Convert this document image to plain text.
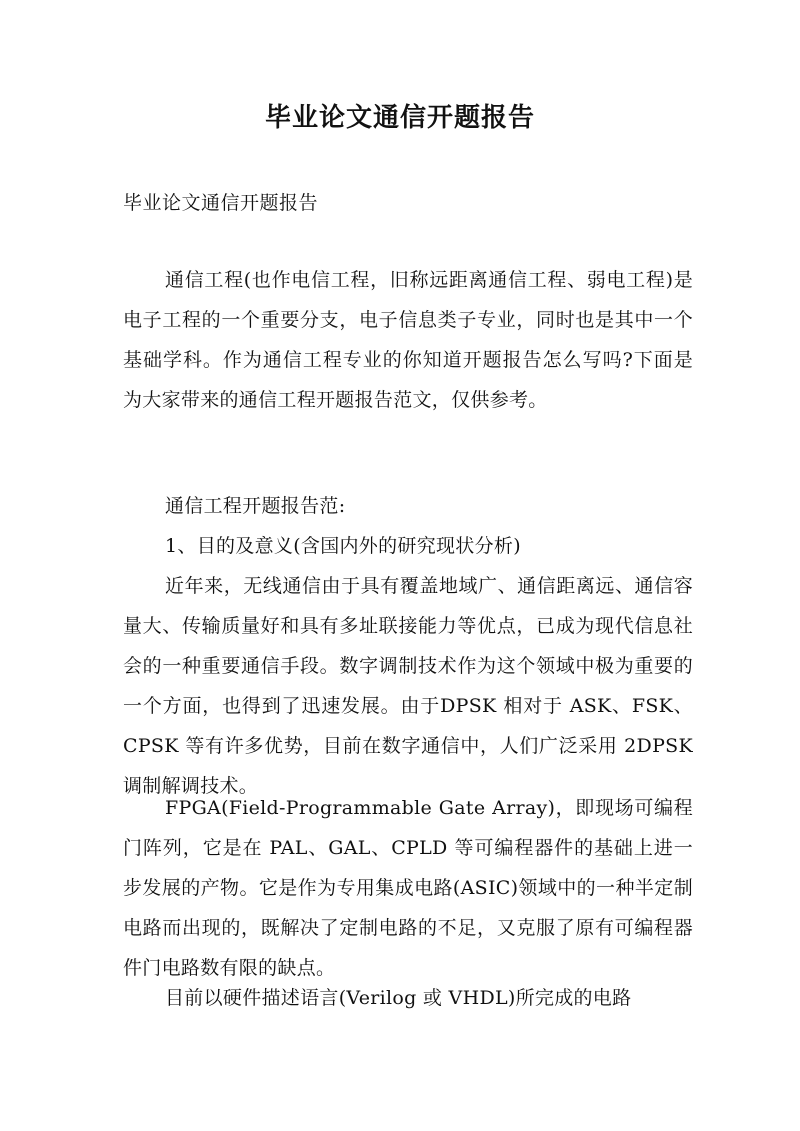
毕业论文通信开题报告
毕业论文通信开题报告
通信工程(也作电信工程，旧称远距离通信工程、弱电工程)是电子工程的一个重要分支，电子信息类子专业，同时也是其中一个基础学科。作为通信工程专业的你知道开题报告怎么写吗?下面是为大家带来的通信工程开题报告范文，仅供参考。
通信工程开题报告范:
1、目的及意义(含国内外的研究现状分析)
近年来，无线通信由于具有覆盖地域广、通信距离远、通信容量大、传输质量好和具有多址联接能力等优点，已成为现代信息社会的一种重要通信手段。数字调制技术作为这个领域中极为重要的一个方面，也得到了迅速发展。由于DPSK 相对于 ASK、FSK、CPSK 等有许多优势，目前在数字通信中，人们广泛采用 2DPSK 调制解调技术。
FPGA(Field-Programmable Gate Array)，即现场可编程门阵列，它是在 PAL、GAL、CPLD 等可编程器件的基础上进一步发展的产物。它是作为专用集成电路(ASIC)领域中的一种半定制电路而出现的，既解决了定制电路的不足，又克服了原有可编程器件门电路数有限的缺点。
目前以硬件描述语言(Verilog 或 VHDL)所完成的电路
